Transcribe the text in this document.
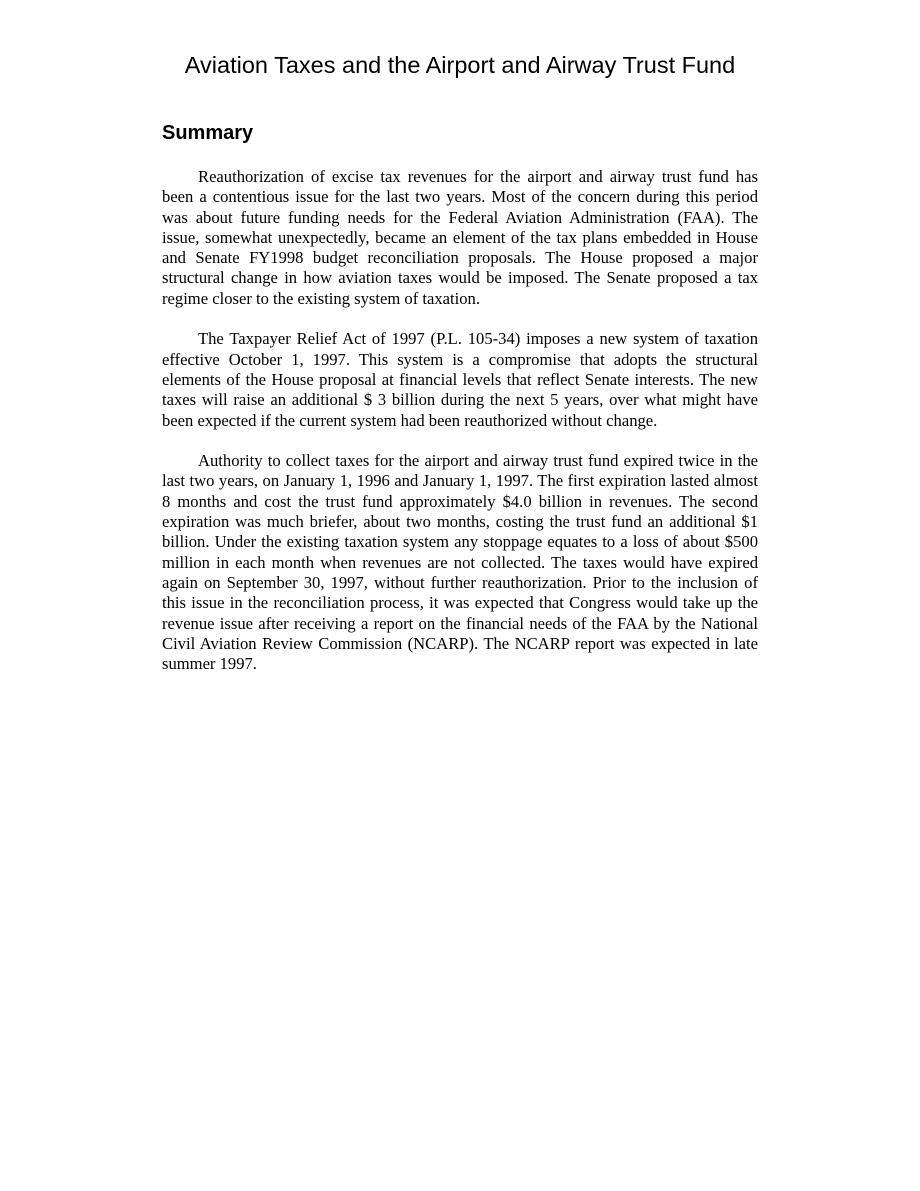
Aviation Taxes and the Airport and Airway Trust Fund
Summary

Reauthorization of excise tax revenues for the airport and airway trust fund has been a contentious issue for the last two years. Most of the concern during this period was about future funding needs for the Federal Aviation Administration (FAA). The issue, somewhat unexpectedly, became an element of the tax plans embedded in House and Senate FY1998 budget reconciliation proposals. The House proposed a major structural change in how aviation taxes would be imposed. The Senate proposed a tax regime closer to the existing system of taxation.

The Taxpayer Relief Act of 1997 (P.L. 105-34) imposes a new system of taxation effective October 1, 1997. This system is a compromise that adopts the structural elements of the House proposal at financial levels that reflect Senate interests. The new taxes will raise an additional $ 3 billion during the next 5 years, over what might have been expected if the current system had been reauthorized without change.

Authority to collect taxes for the airport and airway trust fund expired twice in the last two years, on January 1, 1996 and January 1, 1997. The first expiration lasted almost 8 months and cost the trust fund approximately $4.0 billion in revenues. The second expiration was much briefer, about two months, costing the trust fund an additional $1 billion. Under the existing taxation system any stoppage equates to a loss of about $500 million in each month when revenues are not collected. The taxes would have expired again on September 30, 1997, without further reauthorization. Prior to the inclusion of this issue in the reconciliation process, it was expected that Congress would take up the revenue issue after receiving a report on the financial needs of the FAA by the National Civil Aviation Review Commission (NCARP). The NCARP report was expected in late summer 1997.
